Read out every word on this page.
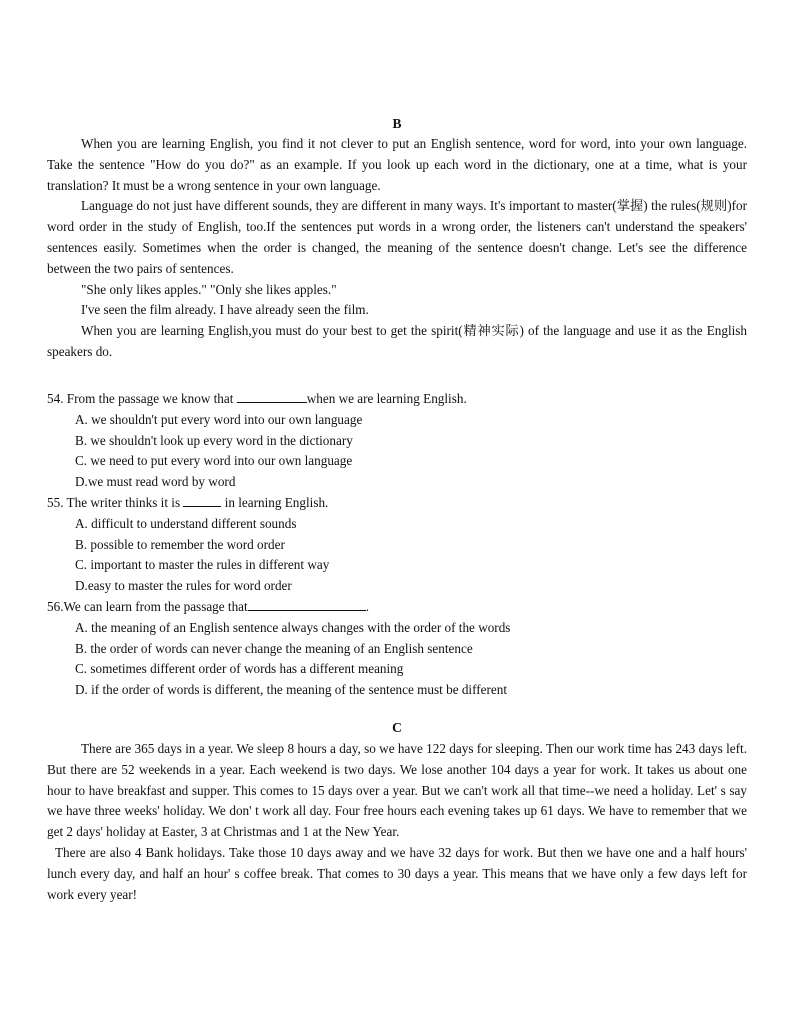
B

When you are learning English, you find it not clever to put an English sentence, word for word, into your own language. Take the sentence "How do you do?" as an example. If you look up each word in the dictionary, one at a time, what is your translation? It must be a wrong sentence in your own language.

Language do not just have different sounds, they are different in many ways. It's important to master(掌握) the rules(规则)for word order in the study of English, too.If the sentences put words in a wrong order, the listeners can't understand the speakers' sentences easily. Sometimes when the order is changed, the meaning of the sentence doesn't change. Let's see the difference between the two pairs of sentences.

"She only likes apples." "Only she likes apples."

I've seen the film already. I have already seen the film.

When you are learning English,you must do your best to get the spirit(精神实际) of the language and use it as the English speakers do.

54. From the passage we know that	when we are learning English.
A. we shouldn't put every word into our own language
B. we shouldn't look up every word in the dictionary
C. we need to put every word into our own language
D.we must read word by word
55. The writer thinks it is	in learning English.
A. difficult to understand different sounds
B. possible to remember the word order
C. important to master the rules in different way
D.easy to master the rules for word order
56.We can learn from the passage that	.
A. the meaning of an English sentence always changes with the order of the words
B. the order of words can never change the meaning of an English sentence
C. sometimes different order of words has a different meaning
D. if the order of words is different, the meaning of the sentence must be different
C

There are 365 days in a year. We sleep 8 hours a day, so we have 122 days for sleeping. Then our work time has 243 days left. But there are 52 weekends in a year. Each weekend is two days. We lose another 104 days a year for work. It takes us about one hour to have breakfast and supper. This comes to 15 days over a year. But we can't work all that time--we need a holiday. Let' s say we have three weeks' holiday. We don' t work all day. Four free hours each evening takes up 61 days. We have to remember that we get 2 days' holiday at Easter, 3 at Christmas and 1 at the New Year.

There are also 4 Bank holidays. Take those 10 days away and we have 32 days for work. But then we have one and a half hours' lunch every day, and half an hour' s coffee break. That comes to 30 days a year. This means that we have only a few days left for work every year!
